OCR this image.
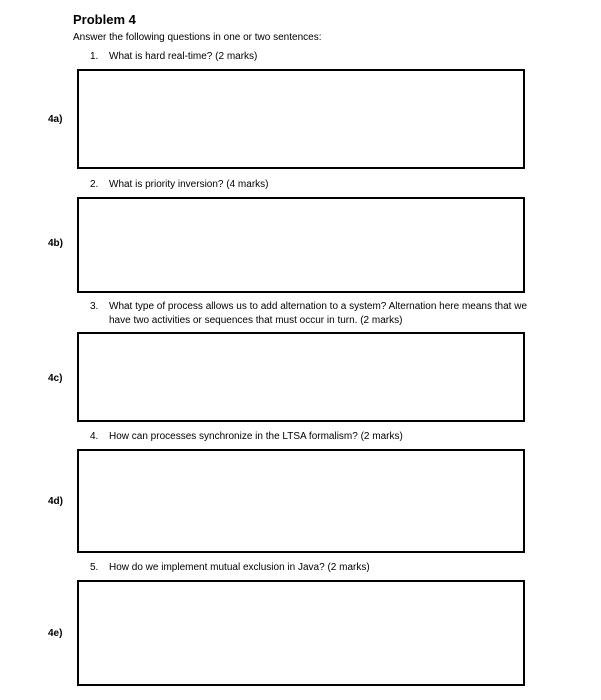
Problem 4
Answer the following questions in one or two sentences:
1. What is hard real-time? (2 marks)
4a)
2. What is priority inversion? (4 marks)
4b)
3. What type of process allows us to add alternation to a system? Alternation here means that we have two activities or sequences that must occur in turn. (2 marks)
4c)
4. How can processes synchronize in the LTSA formalism? (2 marks)
4d)
5. How do we implement mutual exclusion in Java? (2 marks)
4e)
